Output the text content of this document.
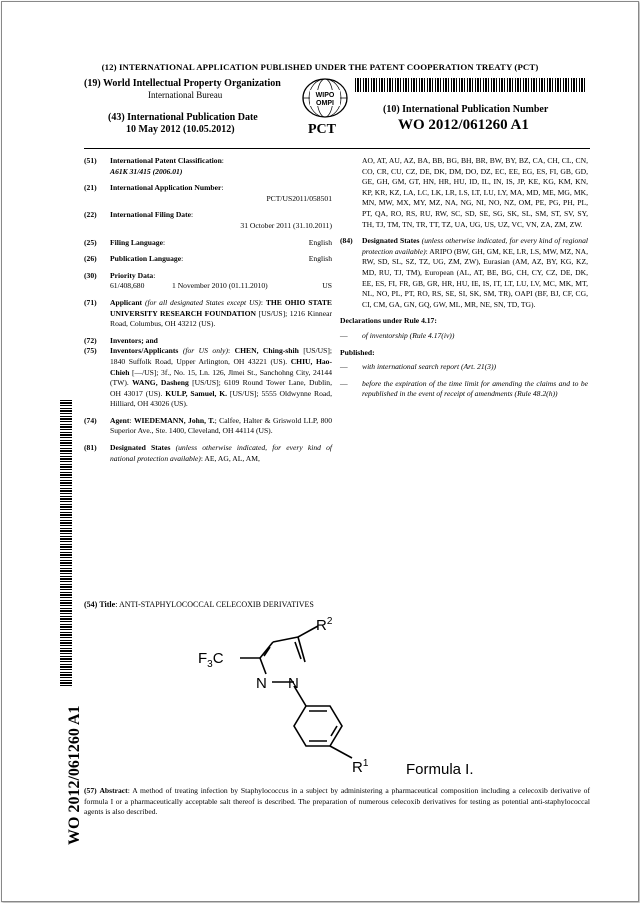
(12) INTERNATIONAL APPLICATION PUBLISHED UNDER THE PATENT COOPERATION TREATY (PCT)
(19) World Intellectual Property Organization
International Bureau
(43) International Publication Date
10 May 2012 (10.05.2012)
WIPO
OMPI
PCT
(10) International Publication Number
WO 2012/061260 A1
WO 2012/061260 A1
(51)	International Patent Classification:
A61K 31/415 (2006.01)
(21)	International Application Number:
PCT/US2011/058501
(22)	International Filing Date:
31 October 2011 (31.10.2011)
(25)	Filing Language:	English
(26)	Publication Language:	English
(30)	Priority Data:
61/408,680	1 November 2010 (01.11.2010)	US
(71)	Applicant (for all designated States except US): THE OHIO STATE UNIVERSITY RESEARCH FOUNDATION [US/US]; 1216 Kinnear Road, Columbus, OH 43212 (US).
(72)	Inventors; and
(75)	Inventors/Applicants (for US only): CHEN, Ching-shih [US/US]; 1840 Suffolk Road, Upper Arlington, OH 43221 (US). CHIU, Hao-Chieh [—/US]; 3f., No. 15, Ln. 126, Jlmei St., Sanchohng City, 24144 (TW). WANG, Dasheng [US/US]; 6109 Round Tower Lane, Dublin, OH 43017 (US). KULP, Samuel, K. [US/US]; 5555 Oldwynne Road, Hilliard, OH 43026 (US).
(74)	Agent: WIEDEMANN, John, T.; Calfee, Halter & Griswold LLP, 800 Superior Ave., Ste. 1400, Cleveland, OH 44114 (US).
(81)	Designated States (unless otherwise indicated, for every kind of national protection available): AE, AG, AL, AM,
AO, AT, AU, AZ, BA, BB, BG, BH, BR, BW, BY, BZ, CA, CH, CL, CN, CO, CR, CU, CZ, DE, DK, DM, DO, DZ, EC, EE, EG, ES, FI, GB, GD, GE, GH, GM, GT, HN, HR, HU, ID, IL, IN, IS, JP, KE, KG, KM, KN, KP, KR, KZ, LA, LC, LK, LR, LS, LT, LU, LY, MA, MD, ME, MG, MK, MN, MW, MX, MY, MZ, NA, NG, NI, NO, NZ, OM, PE, PG, PH, PL, PT, QA, RO, RS, RU, RW, SC, SD, SE, SG, SK, SL, SM, ST, SV, SY, TH, TJ, TM, TN, TR, TT, TZ, UA, UG, US, UZ, VC, VN, ZA, ZM, ZW.
(84)	Designated States (unless otherwise indicated, for every kind of regional protection available): ARIPO (BW, GH, GM, KE, LR, LS, MW, MZ, NA, RW, SD, SL, SZ, TZ, UG, ZM, ZW), Eurasian (AM, AZ, BY, KG, KZ, MD, RU, TJ, TM), European (AL, AT, BE, BG, CH, CY, CZ, DE, DK, EE, ES, FI, FR, GB, GR, HR, HU, IE, IS, IT, LT, LU, LV, MC, MK, MT, NL, NO, PL, PT, RO, RS, SE, SI, SK, SM, TR), OAPI (BF, BJ, CF, CG, CI, CM, GA, GN, GQ, GW, ML, MR, NE, SN, TD, TG).
Declarations under Rule 4.17:
—	of inventorship (Rule 4.17(iv))
Published:
—	with international search report (Art. 21(3))
—	before the expiration of the time limit for amending the claims and to be republished in the event of receipt of amendments (Rule 48.2(h))
(54) Title: ANTI-STAPHYLOCOCCAL CELECOXIB DERIVATIVES
$F_3C$
N N
$R^2$
$R^1$	Formula I.
(57) Abstract: A method of treating infection by Staphylococcus in a subject by administering a pharmaceutical composition including a celecoxib derivative of formula I or a pharmaceutically acceptable salt thereof is described. The preparation of numerous celecoxib derivatives for testing as potential anti-staphylococcal agents is also described.
